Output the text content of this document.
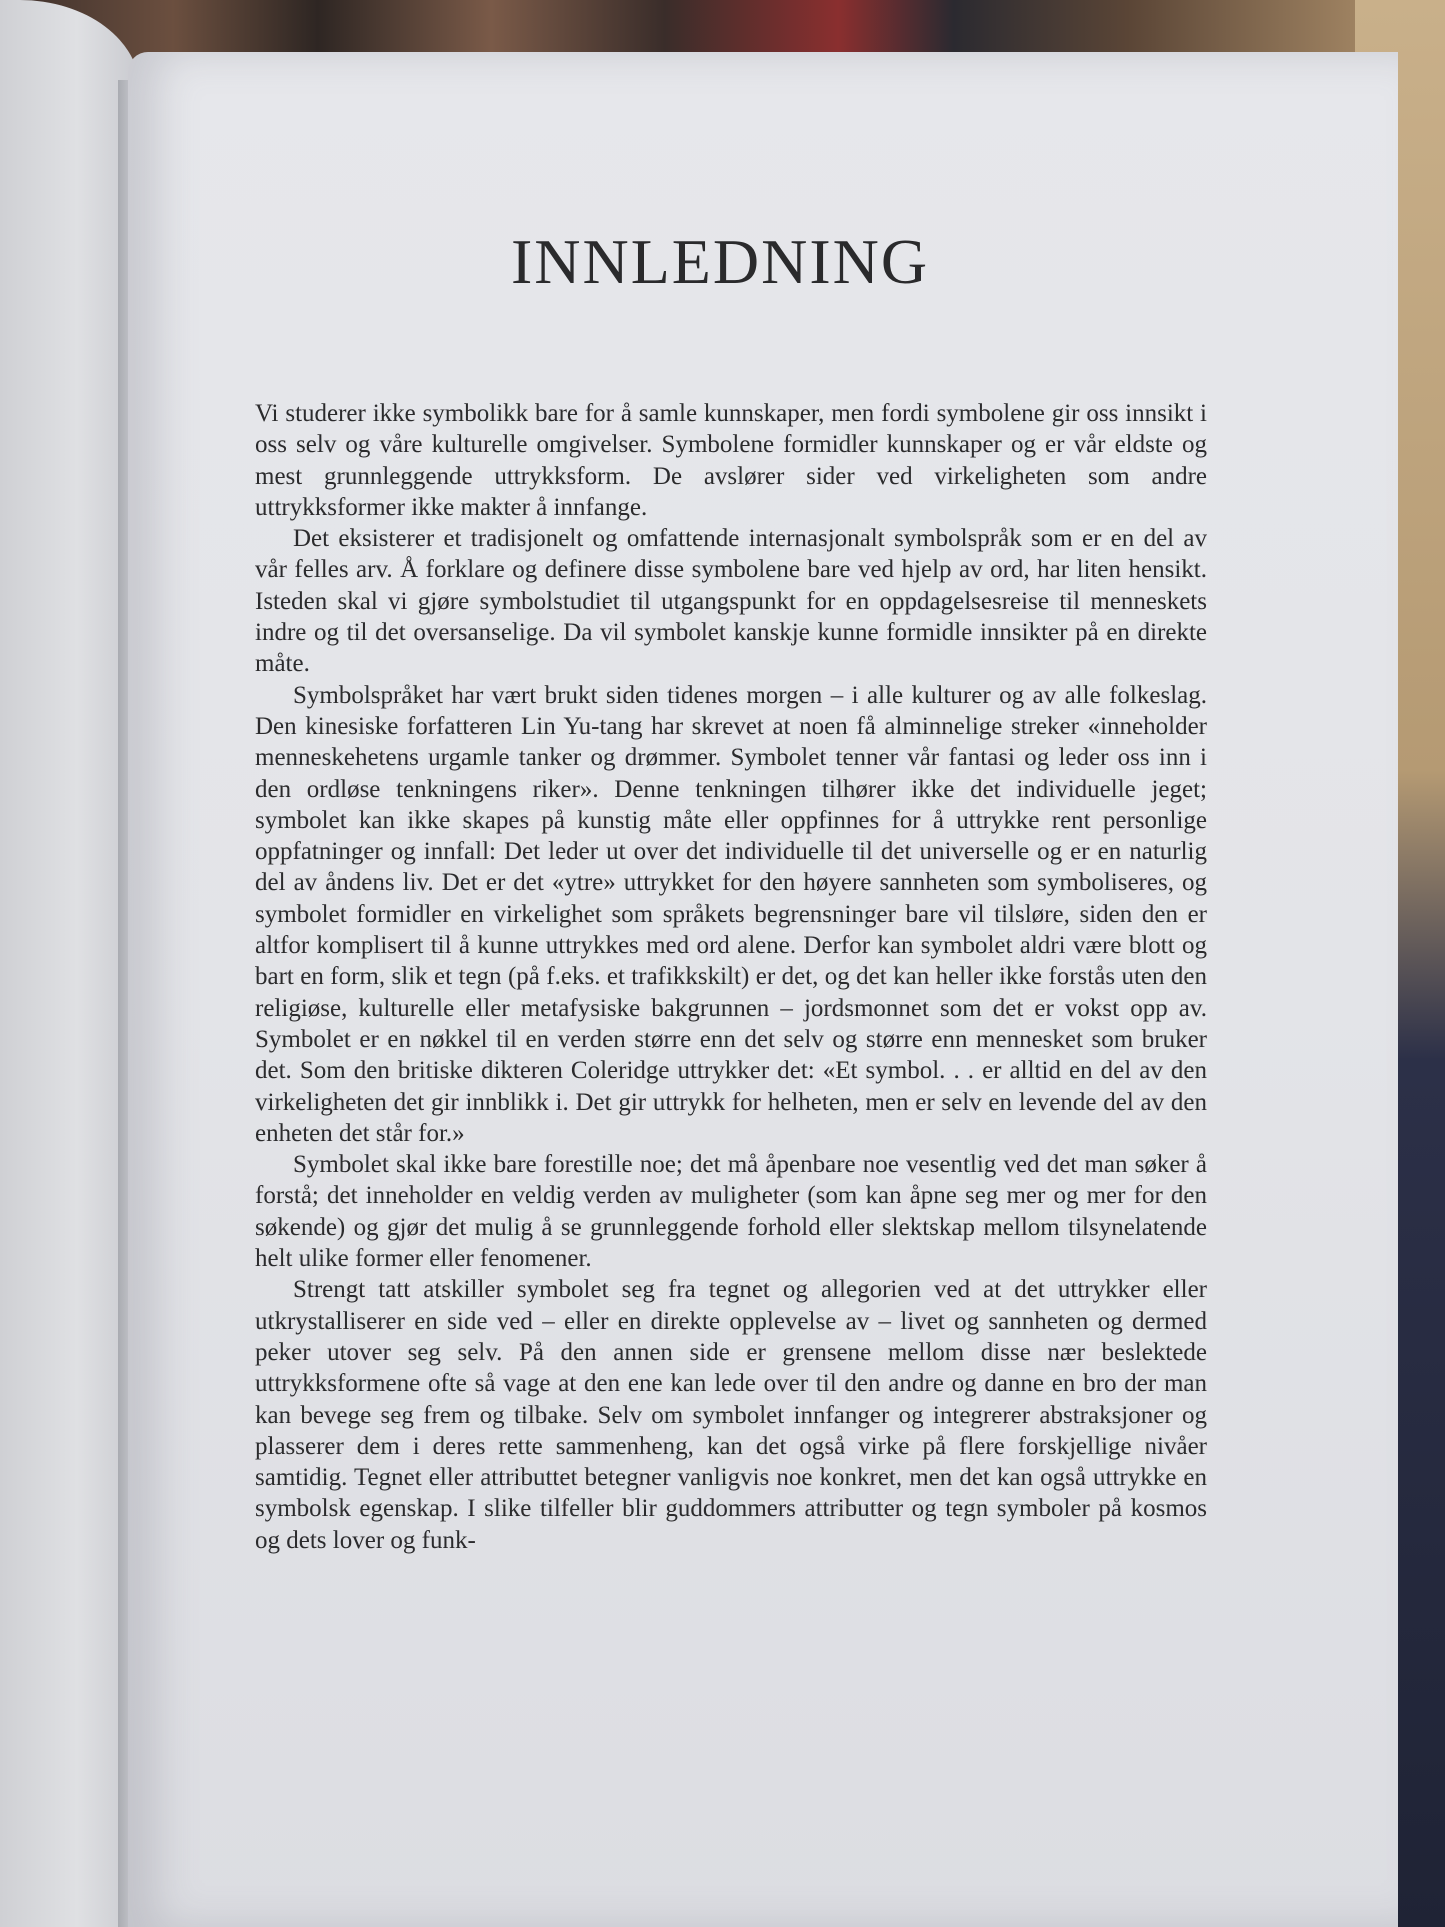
INNLEDNING

Vi studerer ikke symbolikk bare for å samle kunnskaper, men fordi symbolene gir oss innsikt i oss selv og våre kulturelle omgivelser. Symbolene formidler kunnskaper og er vår eldste og mest grunnleggende uttrykksform. De avslører sider ved virkeligheten som andre uttrykksformer ikke makter å innfange.

Det eksisterer et tradisjonelt og omfattende internasjonalt symbolspråk som er en del av vår felles arv. Å forklare og definere disse symbolene bare ved hjelp av ord, har liten hensikt. Isteden skal vi gjøre symbolstudiet til utgangspunkt for en oppdagelsesreise til menneskets indre og til det oversanselige. Da vil symbolet kanskje kunne formidle innsikter på en direkte måte.

Symbolspråket har vært brukt siden tidenes morgen – i alle kulturer og av alle folkeslag. Den kinesiske forfatteren Lin Yu-tang har skrevet at noen få alminnelige streker «inneholder menneskehetens urgamle tanker og drømmer. Symbolet tenner vår fantasi og leder oss inn i den ordløse tenkningens riker». Denne tenkningen tilhører ikke det individuelle jeget; symbolet kan ikke skapes på kunstig måte eller oppfinnes for å uttrykke rent personlige oppfatninger og innfall: Det leder ut over det individuelle til det universelle og er en naturlig del av åndens liv. Det er det «ytre» uttrykket for den høyere sannheten som symboliseres, og symbolet formidler en virkelighet som språkets begrensninger bare vil tilsløre, siden den er altfor komplisert til å kunne uttrykkes med ord alene. Derfor kan symbolet aldri være blott og bart en form, slik et tegn (på f.eks. et trafikkskilt) er det, og det kan heller ikke forstås uten den religiøse, kulturelle eller metafysiske bakgrunnen – jordsmonnet som det er vokst opp av. Symbolet er en nøkkel til en verden større enn det selv og større enn mennesket som bruker det. Som den britiske dikteren Coleridge uttrykker det: «Et symbol. . . er alltid en del av den virkeligheten det gir innblikk i. Det gir uttrykk for helheten, men er selv en levende del av den enheten det står for.»

Symbolet skal ikke bare forestille noe; det må åpenbare noe vesentlig ved det man søker å forstå; det inneholder en veldig verden av muligheter (som kan åpne seg mer og mer for den søkende) og gjør det mulig å se grunnleggende forhold eller slektskap mellom tilsynelatende helt ulike former eller fenomener.

Strengt tatt atskiller symbolet seg fra tegnet og allegorien ved at det uttrykker eller utkrystalliserer en side ved – eller en direkte opplevelse av – livet og sannheten og dermed peker utover seg selv. På den annen side er grensene mellom disse nær beslektede uttrykksformene ofte så vage at den ene kan lede over til den andre og danne en bro der man kan bevege seg frem og tilbake. Selv om symbolet innfanger og integrerer abstraksjoner og plasserer dem i deres rette sammenheng, kan det også virke på flere forskjellige nivåer samtidig. Tegnet eller attributtet betegner vanligvis noe konkret, men det kan også uttrykke en symbolsk egenskap. I slike tilfeller blir guddommers attributter og tegn symboler på kosmos og dets lover og funk-
